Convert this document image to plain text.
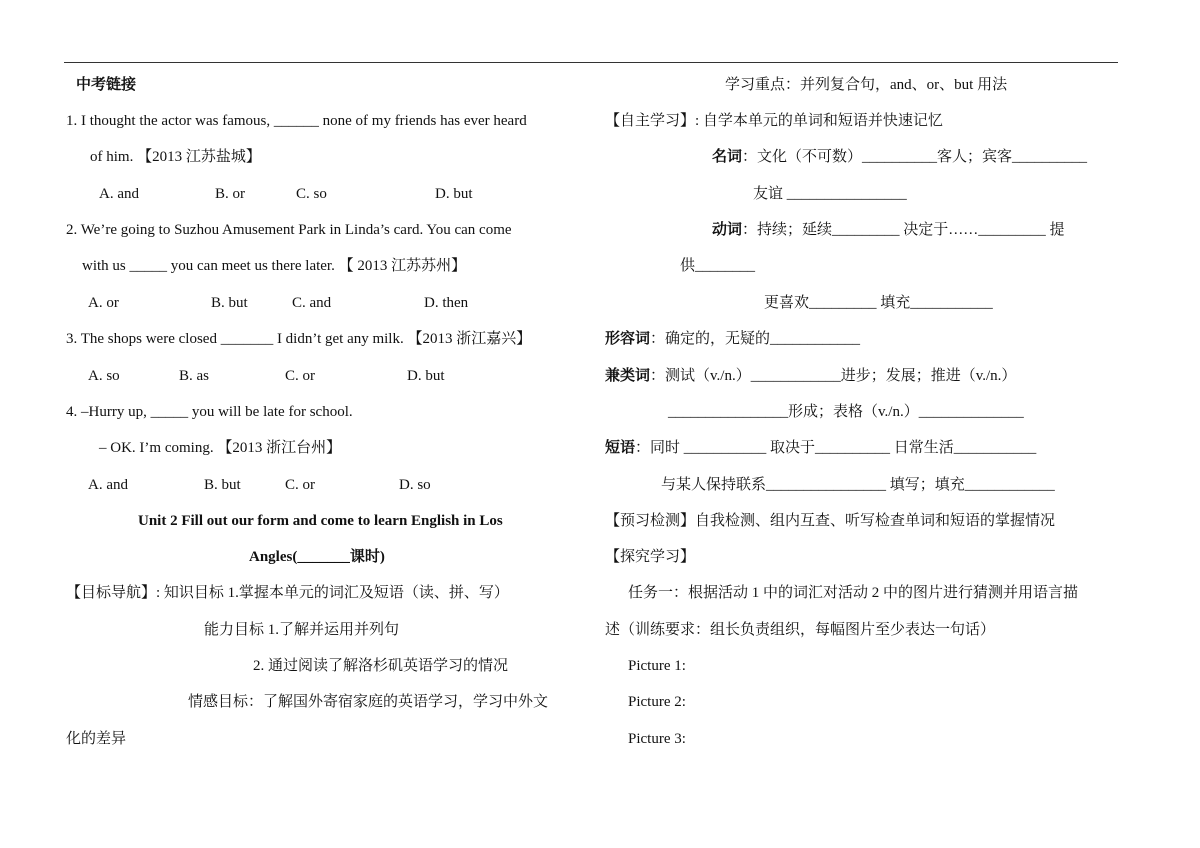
中考链接
1. I thought the actor was famous, ______ none of my friends has ever heard
of him. 【2013 江苏盐城】
A. and	B. or	C. so	D. but
2. We’re going to Suzhou Amusement Park in Linda’s card. You can come
with us _____ you can meet us there later. 【 2013 江苏苏州】
A. or	B. but	C. and	D. then
3. The shops were closed _______ I didn’t get any milk. 【2013 浙江嘉兴】
A. so	B. as	C. or	D. but
4. –Hurry up, _____ you will be late for school.
– OK. I’m coming. 【2013 浙江台州】
A. and	B. but	C. or	D. so
Unit 2 Fill out our form and come to learn English in Los
Angles(_______课时)
【目标导航】: 知识目标 1.掌握本单元的词汇及短语（读、拼、写）
能力目标 1.了解并运用并列句
2. 通过阅读了解洛杉矶英语学习的情况
情感目标：了解国外寄宿家庭的英语学习，学习中外文
化的差异
学习重点：并列复合句，and、or、but 用法
【自主学习】: 自学本单元的单词和短语并快速记忆
名词：文化（不可数）__________客人；宾客__________
友谊 ________________
动词：持续；延续_________ 决定于……_________ 提
供________
更喜欢_________ 填充___________
形容词：确定的，无疑的____________
兼类词：测试（v./n.）____________进步；发展；推进（v./n.）
________________形成；表格（v./n.）______________
短语：同时 ___________ 取决于__________ 日常生活___________
与某人保持联系________________ 填写；填充____________
【预习检测】自我检测、组内互查、听写检查单词和短语的掌握情况
【探究学习】
任务一：根据活动 1 中的词汇对活动 2 中的图片进行猜测并用语言描
述（训练要求：组长负责组织，每幅图片至少表达一句话）
Picture 1:
Picture 2:
Picture 3:
